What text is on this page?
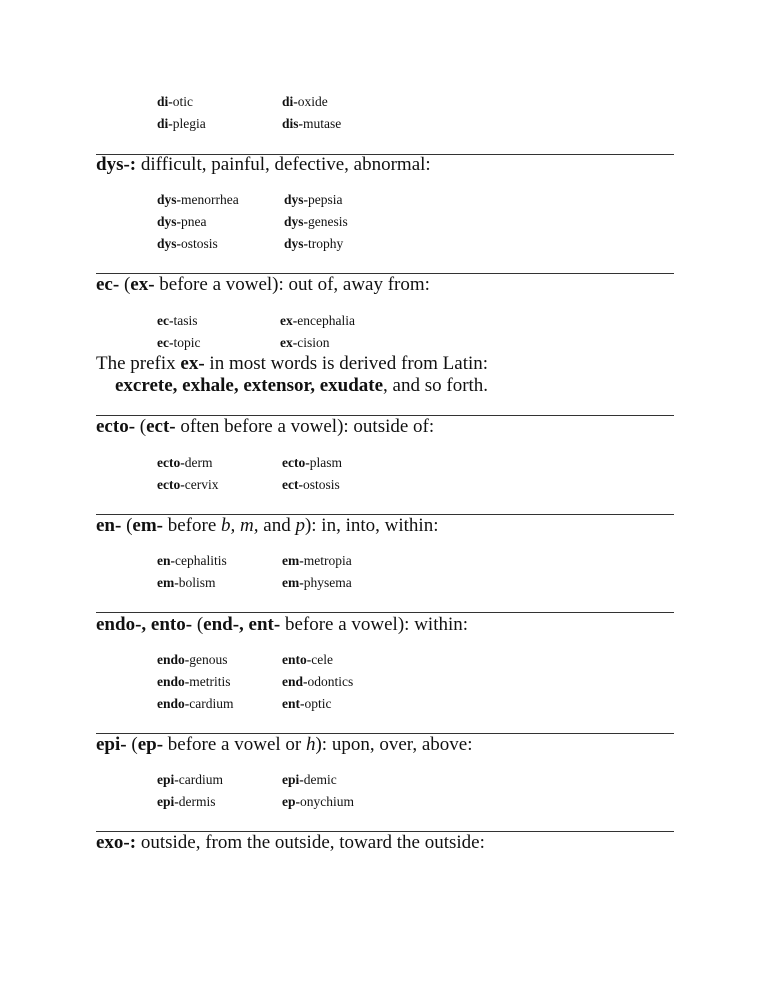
di-otic	di-oxide
di-plegia	dis-mutase
dys-: difficult, painful, defective, abnormal:
dys-menorrhea	dys-pepsia
dys-pnea	dys-genesis
dys-ostosis	dys-trophy
ec- (ex- before a vowel): out of, away from:
ec-tasis	ex-encephalia
ec-topic	ex-cision
The prefix ex- in most words is derived from Latin:
excrete, exhale, extensor, exudate, and so forth.
ecto- (ect- often before a vowel): outside of:
ecto-derm	ecto-plasm
ecto-cervix	ect-ostosis
en- (em- before b, m, and p): in, into, within:
en-cephalitis	em-metropia
em-bolism	em-physema
endo-, ento- (end-, ent- before a vowel): within:
endo-genous	ento-cele
endo-metritis	end-odontics
endo-cardium	ent-optic
epi- (ep- before a vowel or h): upon, over, above:
epi-cardium	epi-demic
epi-dermis	ep-onychium
exo-: outside, from the outside, toward the outside:
